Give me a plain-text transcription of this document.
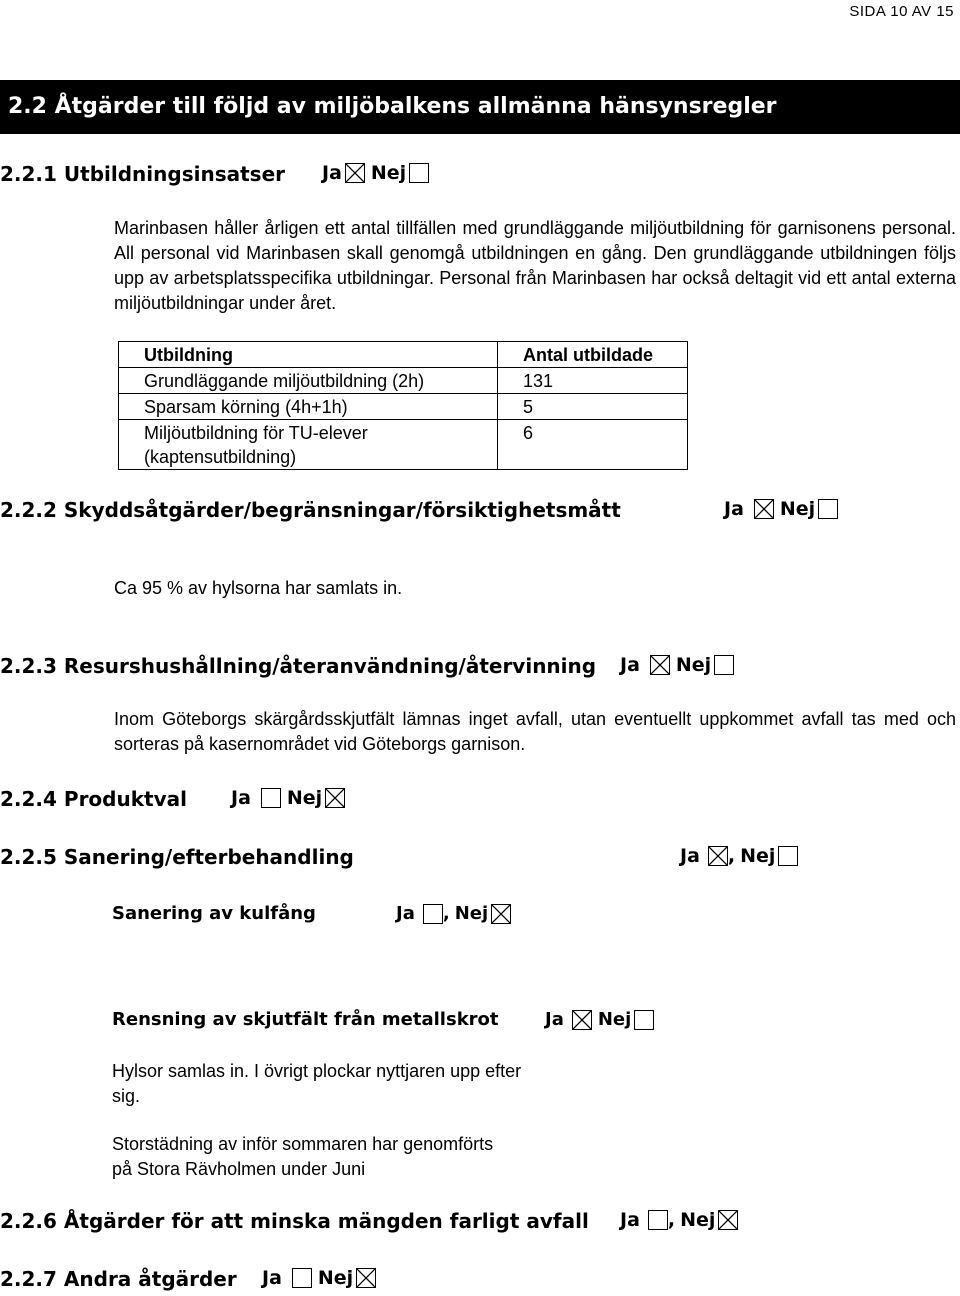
SIDA 10 AV 15
2.2 Åtgärder till följd av miljöbalkens allmänna hänsynsregler
2.2.1 Utbildningsinsatser Ja Nej
Marinbasen håller årligen ett antal tillfällen med grundläggande miljöutbildning för garnisonens personal. All personal vid Marinbasen skall genomgå utbildningen en gång. Den grundläggande utbildningen följs upp av arbetsplatsspecifika utbildningar. Personal från Marinbasen har också deltagit vid ett antal externa miljöutbildningar under året.
Utbildning	Antal utbildade
Grundläggande miljöutbildning (2h)	131
Sparsam körning (4h+1h)	5
Miljöutbildning för TU-elever (kaptensutbildning)	6
2.2.2 Skyddsåtgärder/begränsningar/försiktighetsmått	Ja Nej
Ca 95 % av hylsorna har samlats in.
2.2.3 Resurshushållning/återanvändning/återvinning Ja Nej
Inom Göteborgs skärgårdsskjutfält lämnas inget avfall, utan eventuellt uppkommet avfall tas med och sorteras på kasernområdet vid Göteborgs garnison.
2.2.4 Produktval Ja Nej
2.2.5 Sanering/efterbehandling	Ja , Nej
Sanering av kulfång	Ja , Nej
Rensning av skjutfält från metallskrot	Ja Nej
Hylsor samlas in. I övrigt plockar nyttjaren upp efter sig.
Storstädning av inför sommaren har genomförts på Stora Rävholmen under Juni
2.2.6 Åtgärder för att minska mängden farligt avfall Ja , Nej
2.2.7 Andra åtgärder Ja Nej
